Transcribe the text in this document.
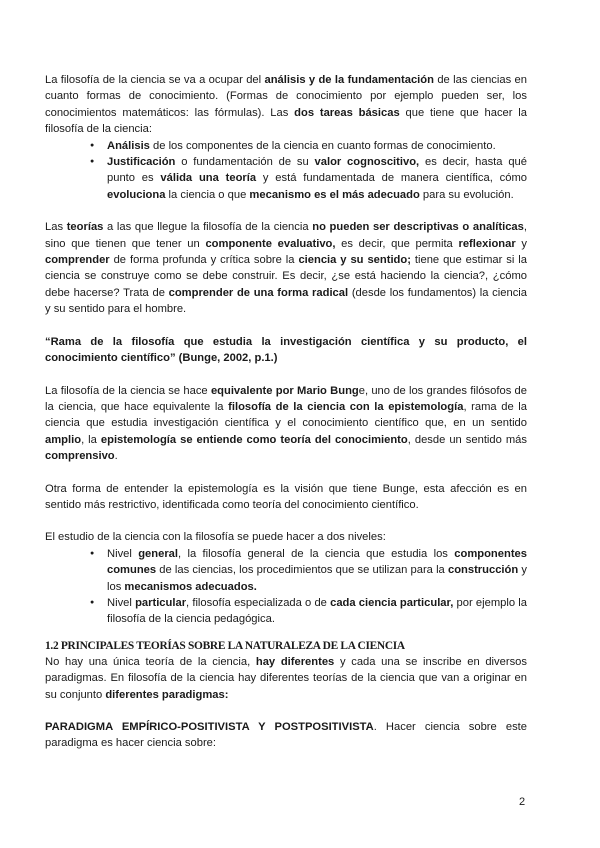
La filosofía de la ciencia se va a ocupar del análisis y de la fundamentación de las ciencias en cuanto formas de conocimiento. (Formas de conocimiento por ejemplo pueden ser, los conocimientos matemáticos: las fórmulas). Las dos tareas básicas que tiene que hacer la filosofía de la ciencia:

● Análisis de los componentes de la ciencia en cuanto formas de conocimiento.
● Justificación o fundamentación de su valor cognoscitivo, es decir, hasta qué punto es válida una teoría y está fundamentada de manera científica, cómo evoluciona la ciencia o que mecanismo es el más adecuado para su evolución.

Las teorías a las que llegue la filosofía de la ciencia no pueden ser descriptivas o analíticas, sino que tienen que tener un componente evaluativo, es decir, que permita reflexionar y comprender de forma profunda y crítica sobre la ciencia y su sentido; tiene que estimar si la ciencia se construye como se debe construir. Es decir, ¿se está haciendo la ciencia?, ¿cómo debe hacerse? Trata de comprender de una forma radical (desde los fundamentos) la ciencia y su sentido para el hombre.

“Rama de la filosofía que estudia la investigación científica y su producto, el conocimiento científico” (Bunge, 2002, p.1.)

La filosofía de la ciencia se hace equivalente por Mario Bunge, uno de los grandes filósofos de la ciencia, que hace equivalente la filosofía de la ciencia con la epistemología, rama de la ciencia que estudia investigación científica y el conocimiento científico que, en un sentido amplio, la epistemología se entiende como teoría del conocimiento, desde un sentido más comprensivo.

Otra forma de entender la epistemología es la visión que tiene Bunge, esta afección es en sentido más restrictivo, identificada como teoría del conocimiento científico.

El estudio de la ciencia con la filosofía se puede hacer a dos niveles:

● Nivel general, la filosofía general de la ciencia que estudia los componentes comunes de las ciencias, los procedimientos que se utilizan para la construcción y los mecanismos adecuados.
● Nivel particular, filosofía especializada o de cada ciencia particular, por ejemplo la filosofía de la ciencia pedagógica.

1.2 PRINCIPALES TEORÍAS SOBRE LA NATURALEZA DE LA CIENCIA

No hay una única teoría de la ciencia, hay diferentes y cada una se inscribe en diversos paradigmas. En filosofía de la ciencia hay diferentes teorías de la ciencia que van a originar en su conjunto diferentes paradigmas:

PARADIGMA EMPÍRICO-POSITIVISTA Y POSTPOSITIVISTA. Hacer ciencia sobre este paradigma es hacer ciencia sobre:

2
